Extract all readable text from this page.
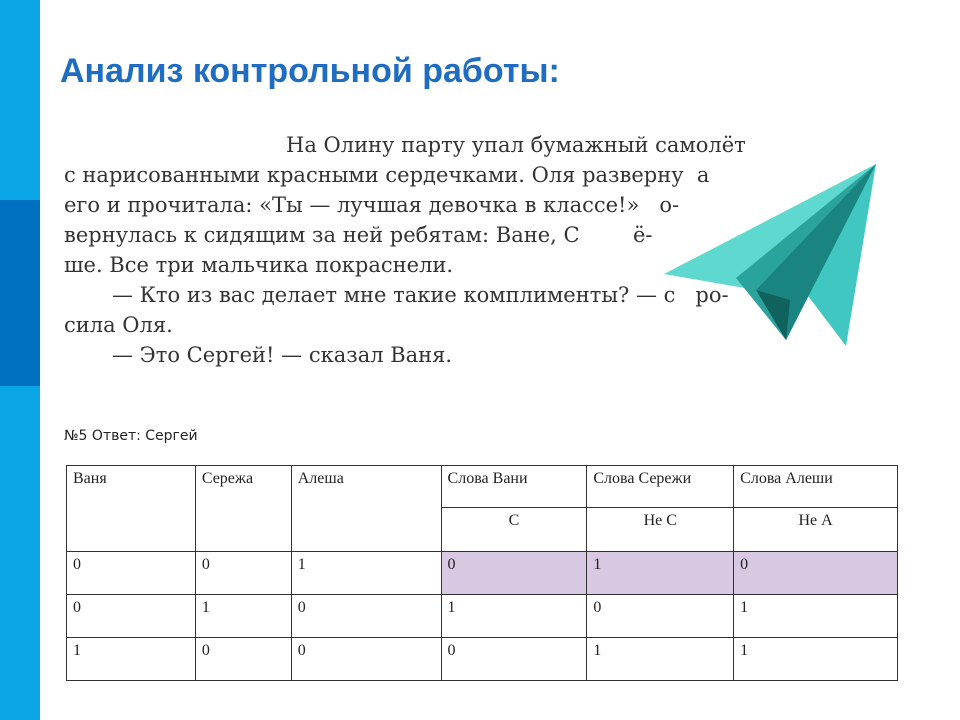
Анализ контрольной работы:
На Олину парту упал бумажный самолёт
с нарисованными красными сердечками. Оля разверну  а
его и прочитала: «Ты — лучшая девочка в классе!»   о-
вернулась к сидящим за ней ребятам: Ване, С        ё-
ше. Все три мальчика покраснели.
— Кто из вас делает мне такие комплименты? — с   ро-
сила Оля.
— Это Сергей! — сказал Ваня.
№5 Ответ: Сергей
Ваня	Сережа	Алеша	Слова Вани	Слова Сережи	Слова Алеши
			С	Не С	Не А
0	0	1	0	1	0
0	1	0	1	0	1
1	0	0	0	1	1
